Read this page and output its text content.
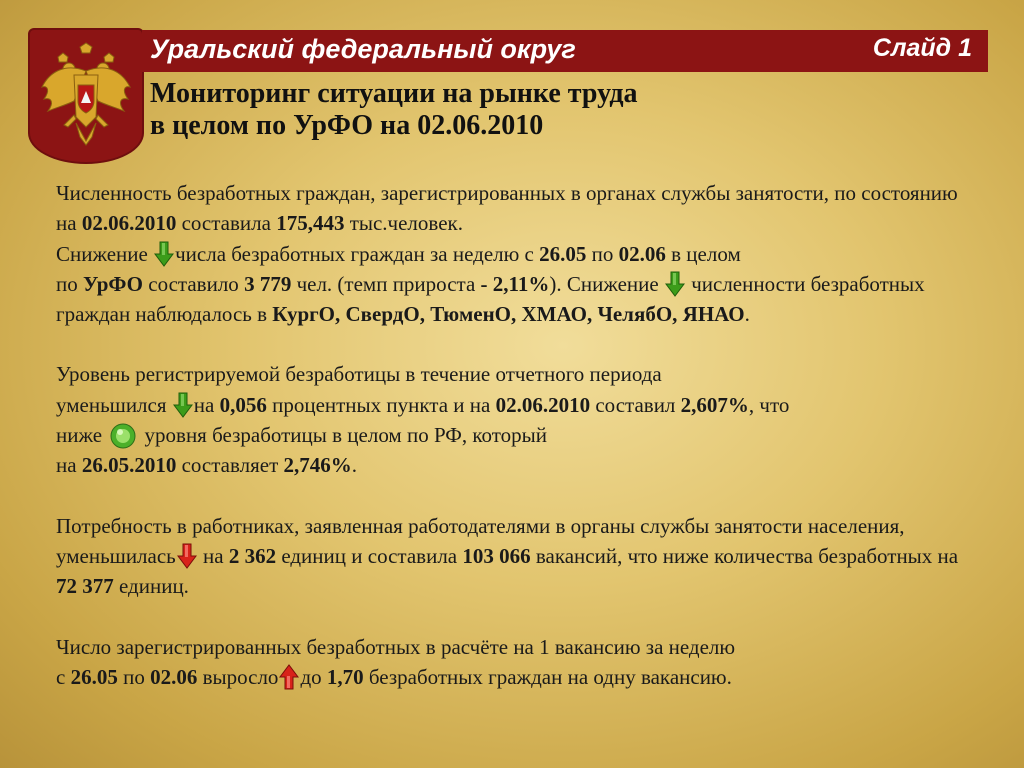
Уральский федеральный округ	Слайд 1
Мониторинг ситуации на рынке труда
в целом по УрФО на 02.06.2010

Численность безработных граждан, зарегистрированных в органах службы занятости, по состоянию на 02.06.2010 составила 175,443 тыс.человек.
Снижение числа безработных граждан за неделю с 26.05 по 02.06 в целом
по УрФО составило 3 779 чел. (темп прироста - 2,11%). Снижение  численности безработных граждан наблюдалось в КургО, СвердО, ТюменО, ХМАО, ЧелябО, ЯНАО.

Уровень регистрируемой безработицы в течение отчетного периода
уменьшился на 0,056 процентных пункта и на 02.06.2010 составил 2,607%, что
ниже  уровня безработицы в целом по РФ, который
на 26.05.2010 составляет 2,746%.

Потребность в работниках, заявленная работодателями в органы службы занятости населения, уменьшилась на 2 362 единиц и составила 103 066 вакансий, что ниже количества безработных на 72 377 единиц.

Число зарегистрированных безработных в расчёте на 1 вакансию за неделю
с 26.05 по 02.06 выросло до 1,70 безработных граждан на одну вакансию.
